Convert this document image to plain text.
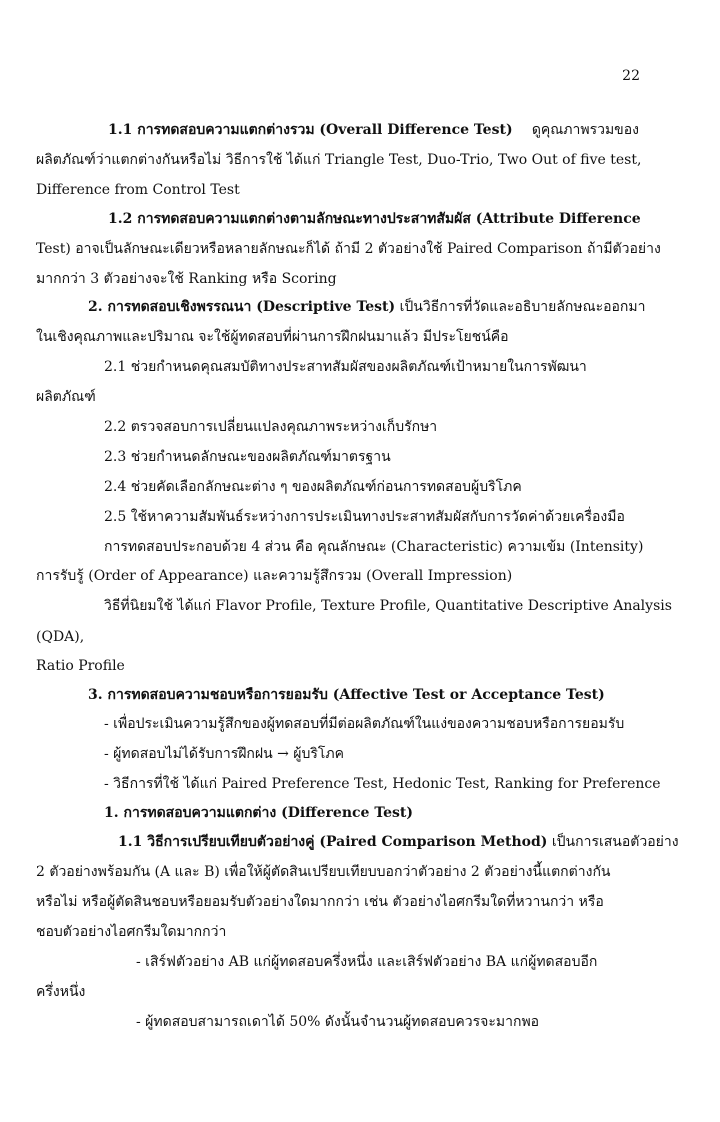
22
1.1 การทดสอบความแตกต่างรวม (Overall Difference Test) ดูคุณภาพรวมของ
ผลิตภัณฑ์ว่าแตกต่างกันหรือไม่ วิธีการใช้ ได้แก่ Triangle Test, Duo-Trio, Two Out of five test,
Difference from Control Test
1.2 การทดสอบความแตกต่างตามลักษณะทางประสาทสัมผัส (Attribute Difference
Test) อาจเป็นลักษณะเดียวหรือหลายลักษณะก็ได้ ถ้ามี 2 ตัวอย่างใช้ Paired Comparison ถ้ามีตัวอย่าง
มากกว่า 3 ตัวอย่างจะใช้ Ranking หรือ Scoring
2. การทดสอบเชิงพรรณนา (Descriptive Test) เป็นวิธีการที่วัดและอธิบายลักษณะออกมา
ในเชิงคุณภาพและปริมาณ จะใช้ผู้ทดสอบที่ผ่านการฝึกฝนมาแล้ว มีประโยชน์คือ
2.1 ช่วยกำหนดคุณสมบัติทางประสาทสัมผัสของผลิตภัณฑ์เป้าหมายในการพัฒนา
ผลิตภัณฑ์
2.2 ตรวจสอบการเปลี่ยนแปลงคุณภาพระหว่างเก็บรักษา
2.3 ช่วยกำหนดลักษณะของผลิตภัณฑ์มาตรฐาน
2.4 ช่วยคัดเลือกลักษณะต่าง ๆ ของผลิตภัณฑ์ก่อนการทดสอบผู้บริโภค
2.5 ใช้หาความสัมพันธ์ระหว่างการประเมินทางประสาทสัมผัสกับการวัดค่าด้วยเครื่องมือ
การทดสอบประกอบด้วย 4 ส่วน คือ คุณลักษณะ (Characteristic) ความเข้ม (Intensity)
การรับรู้ (Order of Appearance) และความรู้สึกรวม (Overall Impression)
วิธีที่นิยมใช้ ได้แก่ Flavor Profile, Texture Profile, Quantitative Descriptive Analysis
(QDA),
Ratio Profile
3. การทดสอบความชอบหรือการยอมรับ (Affective Test or Acceptance Test)
- เพื่อประเมินความรู้สึกของผู้ทดสอบที่มีต่อผลิตภัณฑ์ในแง่ของความชอบหรือการยอมรับ
- ผู้ทดสอบไม่ได้รับการฝึกฝน → ผู้บริโภค
- วิธีการที่ใช้ ได้แก่ Paired Preference Test, Hedonic Test, Ranking for Preference
1. การทดสอบความแตกต่าง (Difference Test)
1.1 วิธีการเปรียบเทียบตัวอย่างคู่ (Paired Comparison Method) เป็นการเสนอตัวอย่าง
2 ตัวอย่างพร้อมกัน (A และ B) เพื่อให้ผู้ตัดสินเปรียบเทียบบอกว่าตัวอย่าง 2 ตัวอย่างนี้แตกต่างกัน
หรือไม่ หรือผู้ตัดสินชอบหรือยอมรับตัวอย่างใดมากกว่า เช่น ตัวอย่างไอศกรีมใดที่หวานกว่า หรือ
ชอบตัวอย่างไอศกรีมใดมากกว่า
- เสิร์ฟตัวอย่าง AB แก่ผู้ทดสอบครึ่งหนึ่ง และเสิร์ฟตัวอย่าง BA แก่ผู้ทดสอบอีก
ครึ่งหนึ่ง
- ผู้ทดสอบสามารถเดาได้ 50% ดังนั้นจำนวนผู้ทดสอบควรจะมากพอ
